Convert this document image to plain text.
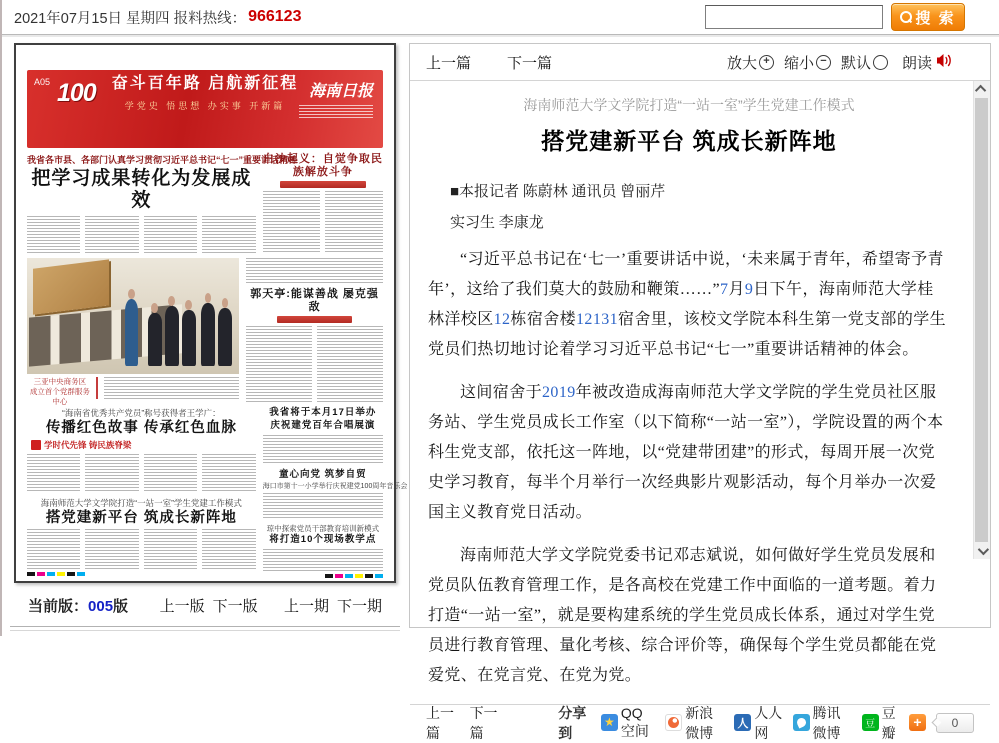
2021年07月15日 星期四 报料热线： 966123	搜 索
A05 100	奋斗百年路 启航新征程
学党史 悟思想 办实事 开新篇
海南日报
我省各市县、各部门认真学习贯彻习近平总书记“七一”重要讲话精神
把学习成果转化为发展成效
白沙起义：自觉争取民族解放斗争
三亚中央商务区
成立首个党群服务中心
郭天亭:能谋善战 屡克强敌
“海南省优秀共产党员”称号获得者王学广：
传播红色故事 传承红色血脉
学时代先锋 铸民族脊梁
海南师范大学文学院打造“一站一室”学生党建工作模式
搭党建新平台 筑成长新阵地
我省将于本月17日举办 庆祝建党百年合唱展演
童心向党 筑梦自贸
海口市第十一小学举行庆祝建党100周年音乐会
琼中探索党员干部教育培训新模式
将打造10个现场教学点
当前版：005版 上一版 下一版 上一期 下一期
上一篇 下一篇	放大 + 缩小 − 默认 朗读
海南师范大学文学院打造“一站一室”学生党建工作模式
搭党建新平台 筑成长新阵地
■本报记者 陈蔚林 通讯员 曾丽芹
实习生 李康龙

“习近平总书记在‘七一’重要讲话中说，‘未来属于青年，希望寄予青年’，这给了我们莫大的鼓励和鞭策……”7月9日下午，海南师范大学桂林洋校区12栋宿舍楼12131宿舍里，该校文学院本科生第一党支部的学生党员们热切地讨论着学习习近平总书记“七一”重要讲话精神的体会。

这间宿舍于2019年被改造成海南师范大学文学院的学生党员社区服务站、学生党员成长工作室（以下简称“一站一室”），学院设置的两个本科生党支部，依托这一阵地，以“党建带团建”的形式，每周开展一次党史学习教育，每半个月举行一次经典影片观影活动，每个月举办一次爱国主义教育党日活动。

海南师范大学文学院党委书记邓志斌说，如何做好学生党员发展和党员队伍教育管理工作，是各高校在党建工作中面临的一道考题。着力打造“一站一室”，就是要构建系统的学生党员成长体系，通过对学生党员进行教育管理、量化考核、综合评价等，确保每个学生党员都能在党爱党、在党言党、在党为党。

上一篇
下一篇
分享到
★
QQ空间
新浪微博
人
人人网
腾讯微博
豆
豆瓣
+
0
